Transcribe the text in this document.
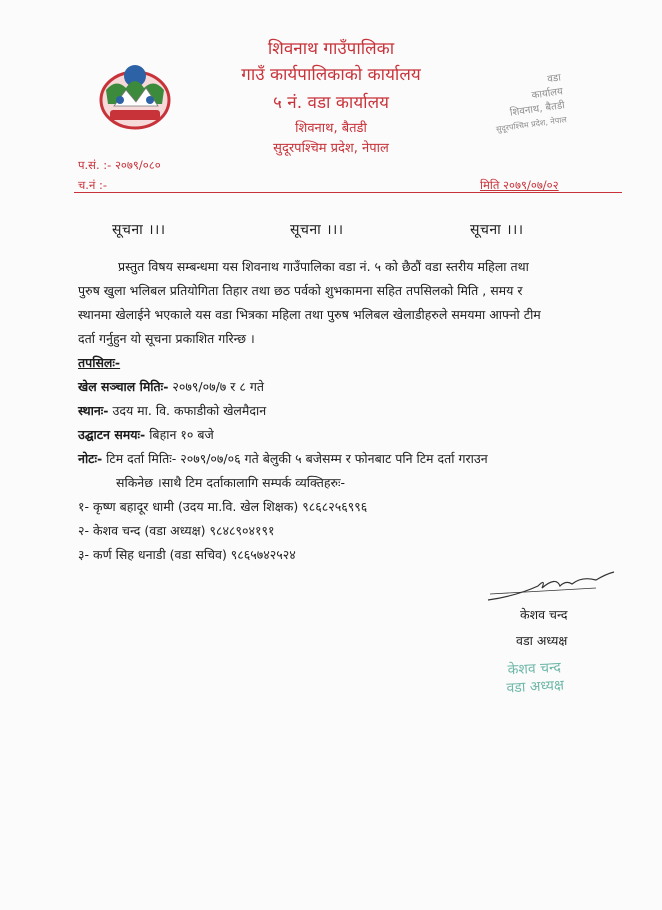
शिवनाथ गाउँपालिका
गाउँ कार्यपालिकाको कार्यालय
५ नं. वडा कार्यालय
शिवनाथ, बैतडी
सुदूरपश्चिम प्रदेश, नेपाल
वडा
कार्यालय
शिवनाथ, बैतडी
सुदूरपश्चिम प्रदेश, नेपाल
प.सं. :- २०७९/०८०
च.नं :-	मिति २०७९/०७/०२
सूचना ।।।	सूचना ।।।	सूचना ।।।
प्रस्तुत विषय सम्बन्धमा यस शिवनाथ गाउँपालिका वडा नं. ५ को छैठौं वडा स्तरीय महिला तथा
पुरुष खुला भलिबल प्रतियोगिता तिहार तथा छठ पर्वको शुभकामना सहित तपसिलको मिति , समय र
स्थानमा खेलाईने भएकाले यस वडा भित्रका महिला तथा पुरुष भलिबल खेलाडीहरुले समयमा आफ्नो टीम
दर्ता गर्नुहुन यो सूचना प्रकाशित गरिन्छ ।
तपसिलः-
खेल सञ्चाल मितिः- २०७९/०७/७ र ८ गते
स्थानः- उदय मा. वि. कफाडीको खेलमैदान
उद्घाटन समयः- बिहान १० बजे
नोटः- टिम दर्ता मितिः- २०७९/०७/०६ गते बेलुकी ५ बजेसम्म र फोनबाट पनि टिम दर्ता गराउन
सकिनेछ ।साथै टिम दर्ताकालागि सम्पर्क व्यक्तिहरुः-
१- कृष्ण बहादूर धामी (उदय मा.वि. खेल शिक्षक) ९८६८२५६९९६
२- केशव चन्द (वडा अध्यक्ष) ९८४८९०४१९१
३- कर्ण सिह धनाडी (वडा सचिव) ९८६५७४२५२४
केशव चन्द
वडा अध्यक्ष
केशव चन्द
वडा अध्यक्ष
